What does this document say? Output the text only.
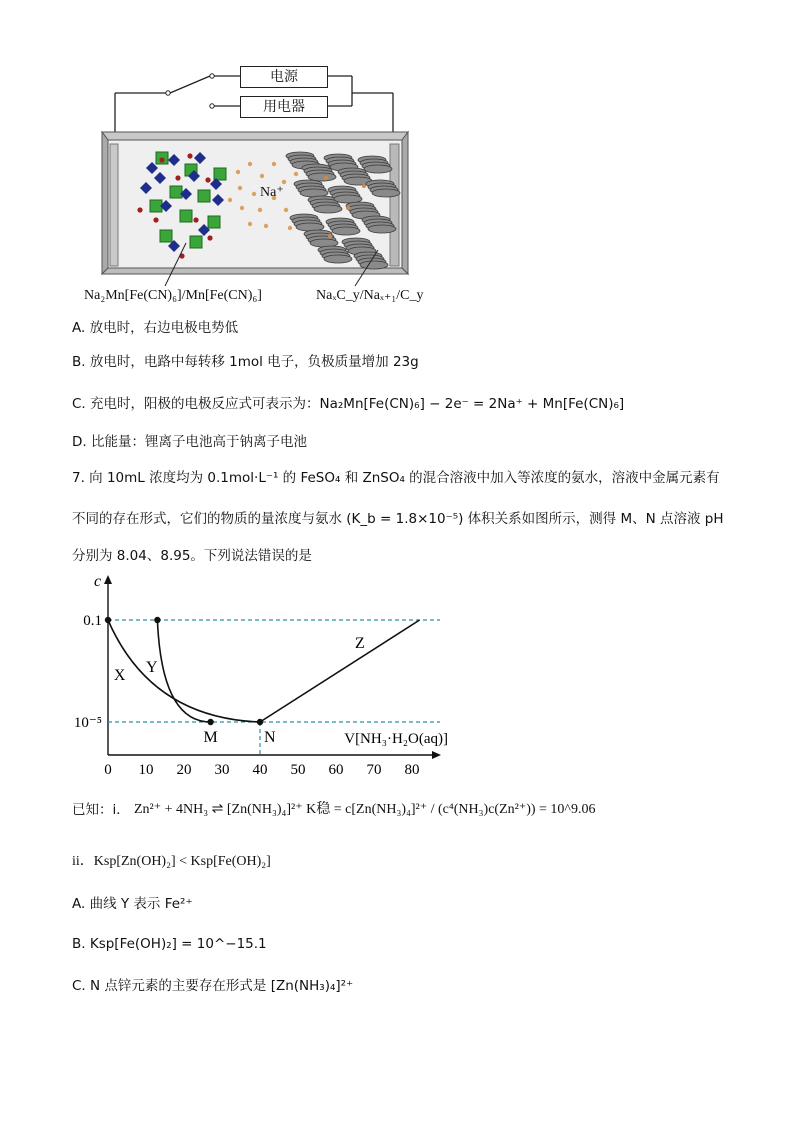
电源
用电器
Na⁺
Na₂Mn[Fe(CN)₆]/Mn[Fe(CN)₆]	NaₓC_y/Naₓ₊₁/C_y
A. 放电时，右边电极电势低
B. 放电时，电路中每转移 1mol 电子，负极质量增加 23g
C. 充电时，阳极的电极反应式可表示为：Na₂Mn[Fe(CN)₆] − 2e⁻ = 2Na⁺ + Mn[Fe(CN)₆]
D. 比能量：锂离子电池高于钠离子电池
7. 向 10mL 浓度均为 0.1mol·L⁻¹ 的 FeSO₄ 和 ZnSO₄ 的混合溶液中加入等浓度的氨水，溶液中金属元素有
不同的存在形式，它们的物质的量浓度与氨水 (K_b = 1.8×10⁻⁵) 体积关系如图所示，测得 M、N 点溶液 pH
分别为 8.04、8.95。下列说法错误的是
c
0 10 20 30 40 50 60 70 80
0.1
10⁻⁵
V[NH₃·H₂O(aq)]
X Y
Z
M	N
已知：i． Zn²⁺ + 4NH₃ ⇌ [Zn(NH₃)₄]²⁺ K稳 = c[Zn(NH₃)₄]²⁺ / (c⁴(NH₃)c(Zn²⁺)) = 10^9.06
ii．Ksp[Zn(OH)₂] < Ksp[Fe(OH)₂]
A. 曲线 Y 表示 Fe²⁺
B. Ksp[Fe(OH)₂] = 10^−15.1
C. N 点锌元素的主要存在形式是 [Zn(NH₃)₄]²⁺
